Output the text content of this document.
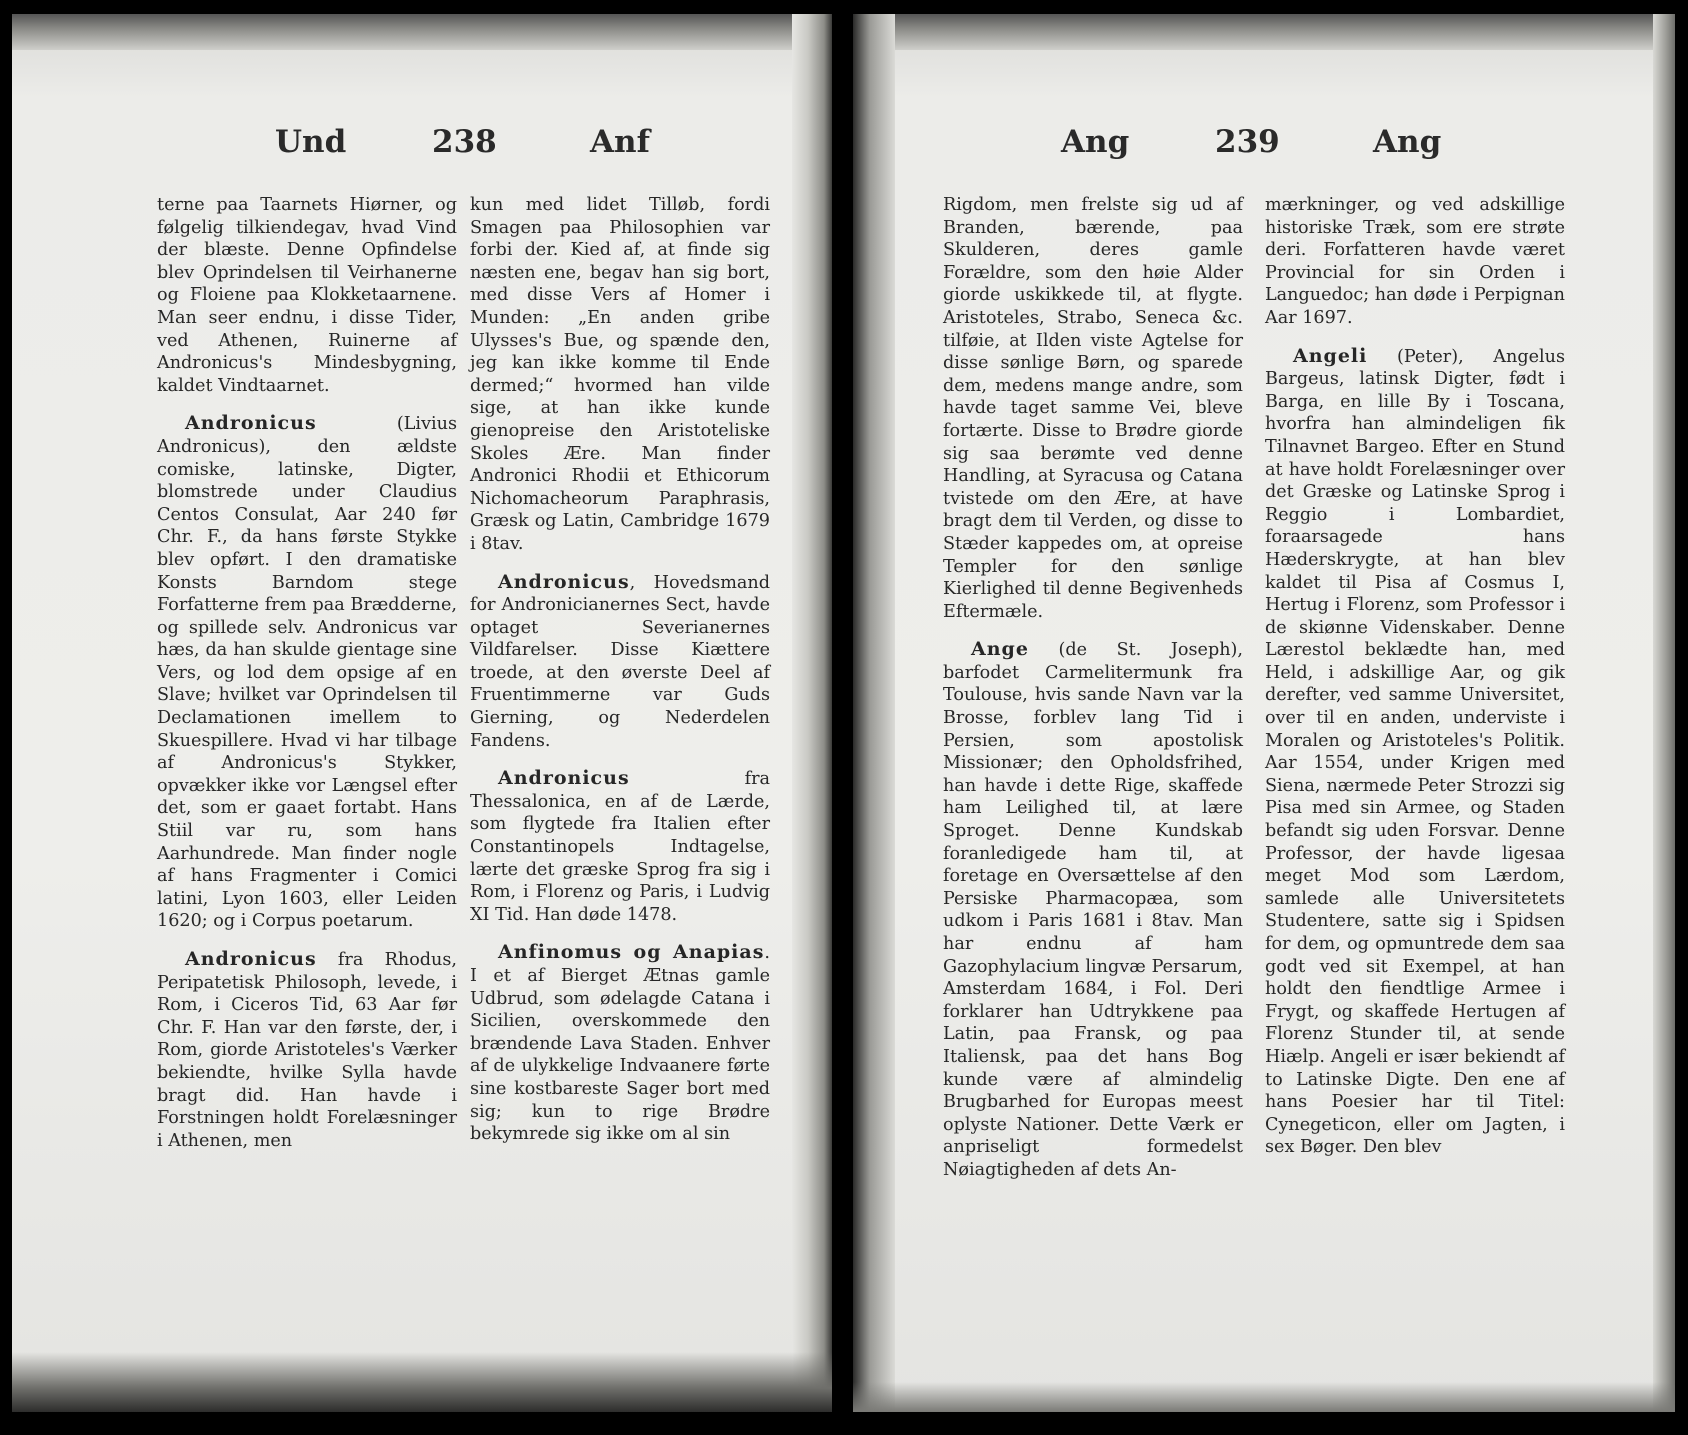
Und	238	Anf

terne paa Taarnets Hiørner, og følgelig tilkiendegav, hvad Vind der blæste. Denne Opfindelse blev Oprindelsen til Veirhanerne og Floiene paa Klokketaarnene. Man seer endnu, i disse Tider, ved Athenen, Ruinerne af Andronicus's Mindesbygning, kaldet Vindtaarnet.

Andronicus (Livius Andronicus), den ældste comiske, latinske, Digter, blomstrede under Claudius Centos Consulat, Aar 240 før Chr. F., da hans første Stykke blev opført. I den dramatiske Konsts Barndom stege Forfatterne frem paa Brædderne, og spillede selv. Andronicus var hæs, da han skulde gientage sine Vers, og lod dem opsige af en Slave; hvilket var Oprindelsen til Declamationen imellem to Skuespillere. Hvad vi har tilbage af Andronicus's Stykker, opvækker ikke vor Længsel efter det, som er gaaet fortabt. Hans Stiil var ru, som hans Aarhundrede. Man finder nogle af hans Fragmenter i Comici latini, Lyon 1603, eller Leiden 1620; og i Corpus poetarum.

Andronicus fra Rhodus, Peripatetisk Philosoph, levede, i Rom, i Ciceros Tid, 63 Aar før Chr. F. Han var den første, der, i Rom, giorde Aristoteles's Værker bekiendte, hvilke Sylla havde bragt did. Han havde i Forstningen holdt Forelæsninger i Athenen, men

kun med lidet Tilløb, fordi Smagen paa Philosophien var forbi der. Kied af, at finde sig næsten ene, begav han sig bort, med disse Vers af Homer i Munden: „En anden gribe Ulysses's Bue, og spænde den, jeg kan ikke komme til Ende dermed;“ hvormed han vilde sige, at han ikke kunde gienopreise den Aristoteliske Skoles Ære. Man finder Andronici Rhodii et Ethicorum Nichomacheorum Paraphrasis, Græsk og Latin, Cambridge 1679 i 8tav.

Andronicus, Hovedsmand for Andronicianernes Sect, havde optaget Severianernes Vildfarelser. Disse Kiættere troede, at den øverste Deel af Fruentimmerne var Guds Gierning, og Nederdelen Fandens.

Andronicus fra Thessalonica, en af de Lærde, som flygtede fra Italien efter Constantinopels Indtagelse, lærte det græske Sprog fra sig i Rom, i Florenz og Paris, i Ludvig XI Tid. Han døde 1478.

Anfinomus og Anapias. I et af Bierget Ætnas gamle Udbrud, som ødelagde Catana i Sicilien, overskommede den brændende Lava Staden. Enhver af de ulykkelige Indvaanere førte sine kostbareste Sager bort med sig; kun to rige Brødre bekymrede sig ikke om al sin

Ang	239	Ang

Rigdom, men frelste sig ud af Branden, bærende, paa Skulderen, deres gamle Forældre, som den høie Alder giorde uskikkede til, at flygte. Aristoteles, Strabo, Seneca &c. tilføie, at Ilden viste Agtelse for disse sønlige Børn, og sparede dem, medens mange andre, som havde taget samme Vei, bleve fortærte. Disse to Brødre giorde sig saa berømte ved denne Handling, at Syracusa og Catana tvistede om den Ære, at have bragt dem til Verden, og disse to Stæder kappedes om, at opreise Templer for den sønlige Kierlighed til denne Begivenheds Eftermæle.

Ange (de St. Joseph), barfodet Carmelitermunk fra Toulouse, hvis sande Navn var la Brosse, forblev lang Tid i Persien, som apostolisk Missionær; den Opholdsfrihed, han havde i dette Rige, skaffede ham Leilighed til, at lære Sproget. Denne Kundskab foranledigede ham til, at foretage en Oversættelse af den Persiske Pharmacopæa, som udkom i Paris 1681 i 8tav. Man har endnu af ham Gazophylacium lingvæ Persarum, Amsterdam 1684, i Fol. Deri forklarer han Udtrykkene paa Latin, paa Fransk, og paa Italiensk, paa det hans Bog kunde være af almindelig Brugbarhed for Europas meest oplyste Nationer. Dette Værk er anpriseligt formedelst Nøiagtigheden af dets An-

mærkninger, og ved adskillige historiske Træk, som ere strøte deri. Forfatteren havde været Provincial for sin Orden i Languedoc; han døde i Perpignan Aar 1697.

Angeli (Peter), Angelus Bargeus, latinsk Digter, født i Barga, en lille By i Toscana, hvorfra han almindeligen fik Tilnavnet Bargeo. Efter en Stund at have holdt Forelæsninger over det Græske og Latinske Sprog i Reggio i Lombardiet, foraarsagede hans Hæderskrygte, at han blev kaldet til Pisa af Cosmus I, Hertug i Florenz, som Professor i de skiønne Videnskaber. Denne Lærestol beklædte han, med Held, i adskillige Aar, og gik derefter, ved samme Universitet, over til en anden, underviste i Moralen og Aristoteles's Politik. Aar 1554, under Krigen med Siena, nærmede Peter Strozzi sig Pisa med sin Armee, og Staden befandt sig uden Forsvar. Denne Professor, der havde ligesaa meget Mod som Lærdom, samlede alle Universitetets Studentere, satte sig i Spidsen for dem, og opmuntrede dem saa godt ved sit Exempel, at han holdt den fiendtlige Armee i Frygt, og skaffede Hertugen af Florenz Stunder til, at sende Hiælp. Angeli er især bekiendt af to Latinske Digte. Den ene af hans Poesier har til Titel: Cynegeticon, eller om Jagten, i sex Bøger. Den blev
